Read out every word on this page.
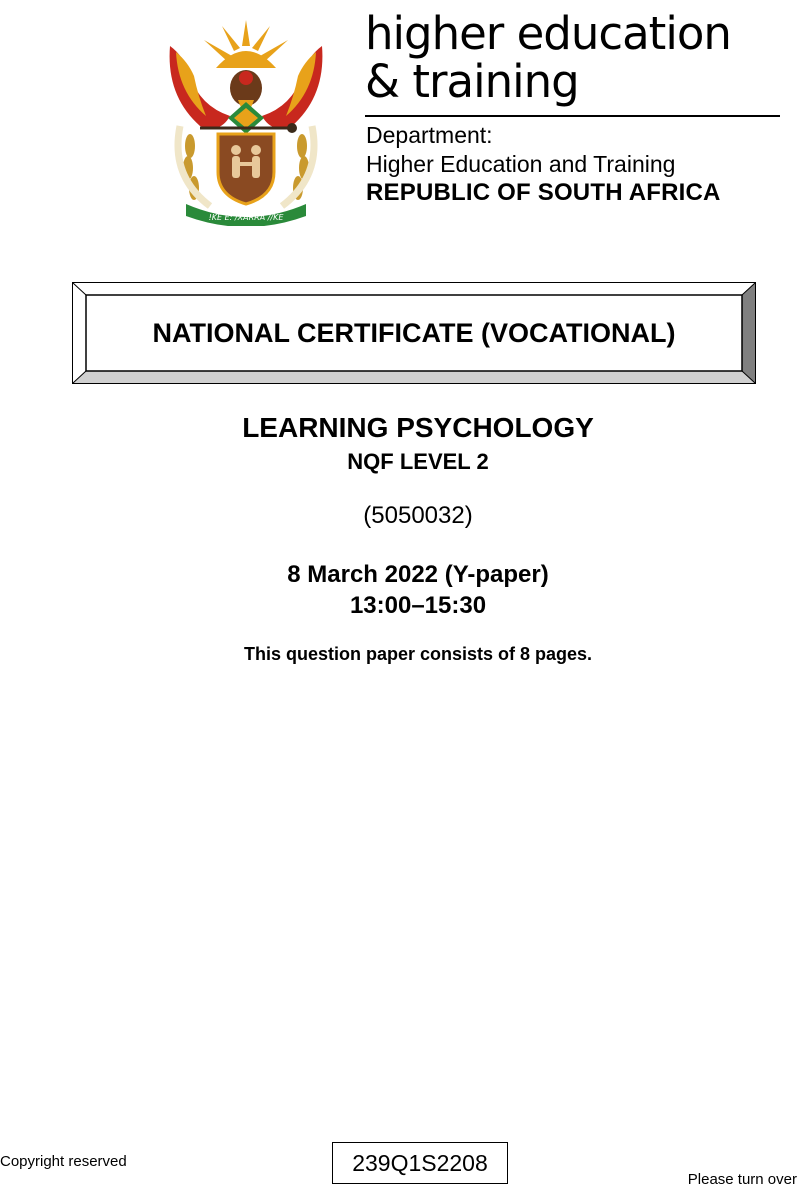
!KE E: /XARRA //KE
higher education
& training
Department:
Higher Education and Training
REPUBLIC OF SOUTH AFRICA
NATIONAL CERTIFICATE (VOCATIONAL)
LEARNING PSYCHOLOGY
NQF LEVEL 2
(5050032)
8 March 2022 (Y-paper)
13:00–15:30
This question paper consists of 8 pages.
Copyright reserved	239Q1S2208
Please turn over
